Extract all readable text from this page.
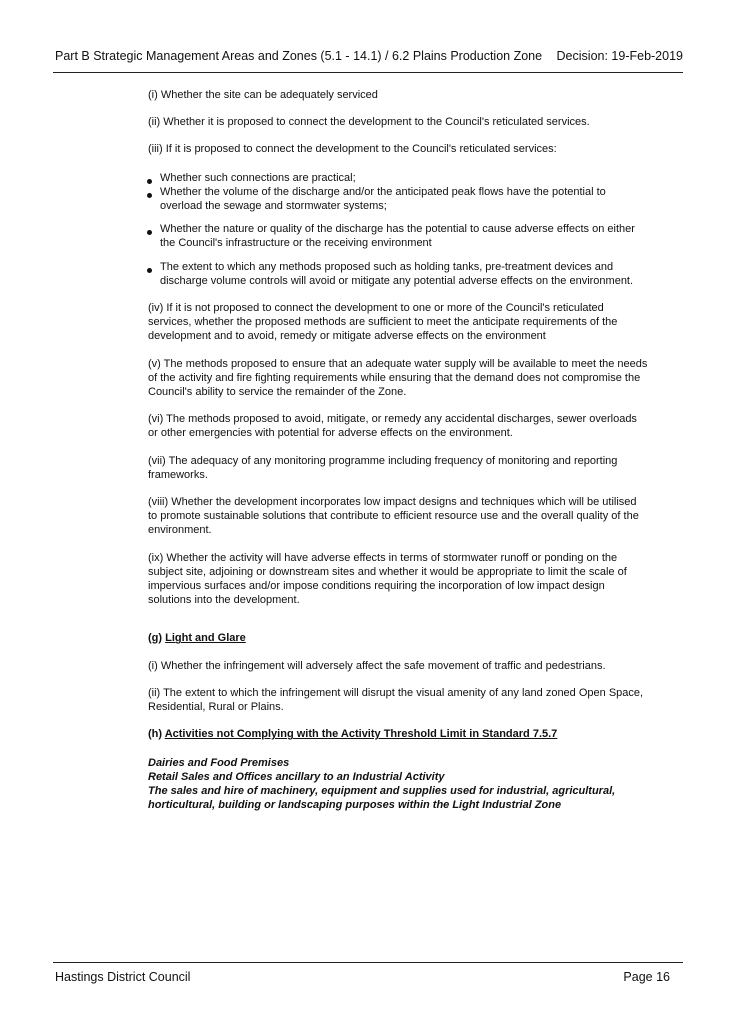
Part B Strategic Management Areas and Zones (5.1 - 14.1) / 6.2 Plains Production Zone Decision: 19-Feb-2019

(i) Whether the site can be adequately serviced

(ii) Whether it is proposed to connect the development to the Council's reticulated services.

(iii) If it is proposed to connect the development to the Council's reticulated services:

Whether such connections are practical;
Whether the volume of the discharge and/or the anticipated peak flows have the potential to overload the sewage and stormwater systems;
Whether the nature or quality of the discharge has the potential to cause adverse effects on either the Council's infrastructure or the receiving environment
The extent to which any methods proposed such as holding tanks, pre-treatment devices and discharge volume controls will avoid or mitigate any potential adverse effects on the environment.

(iv) If it is not proposed to connect the development to one or more of the Council's reticulated services, whether the proposed methods are sufficient to meet the anticipate requirements of the development and to avoid, remedy or mitigate adverse effects on the environment

(v) The methods proposed to ensure that an adequate water supply will be available to meet the needs of the activity and fire fighting requirements while ensuring that the demand does not compromise the Council's ability to service the remainder of the Zone.

(vi) The methods proposed to avoid, mitigate, or remedy any accidental discharges, sewer overloads or other emergencies with potential for adverse effects on the environment.

(vii) The adequacy of any monitoring programme including frequency of monitoring and reporting frameworks.

(viii) Whether the development incorporates low impact designs and techniques which will be utilised to promote sustainable solutions that contribute to efficient resource use and the overall quality of the environment.

(ix) Whether the activity will have adverse effects in terms of stormwater runoff or ponding on the subject site, adjoining or downstream sites and whether it would be appropriate to limit the scale of impervious surfaces and/or impose conditions requiring the incorporation of low impact design solutions into the development.

(g) Light and Glare

(i) Whether the infringement will adversely affect the safe movement of traffic and pedestrians.

(ii) The extent to which the infringement will disrupt the visual amenity of any land zoned Open Space, Residential, Rural or Plains.

(h) Activities not Complying with the Activity Threshold Limit in Standard 7.5.7

Dairies and Food Premises

Retail Sales and Offices ancillary to an Industrial Activity

The sales and hire of machinery, equipment and supplies used for industrial, agricultural, horticultural, building or landscaping purposes within the Light Industrial Zone

Hastings District Council	Page 16
